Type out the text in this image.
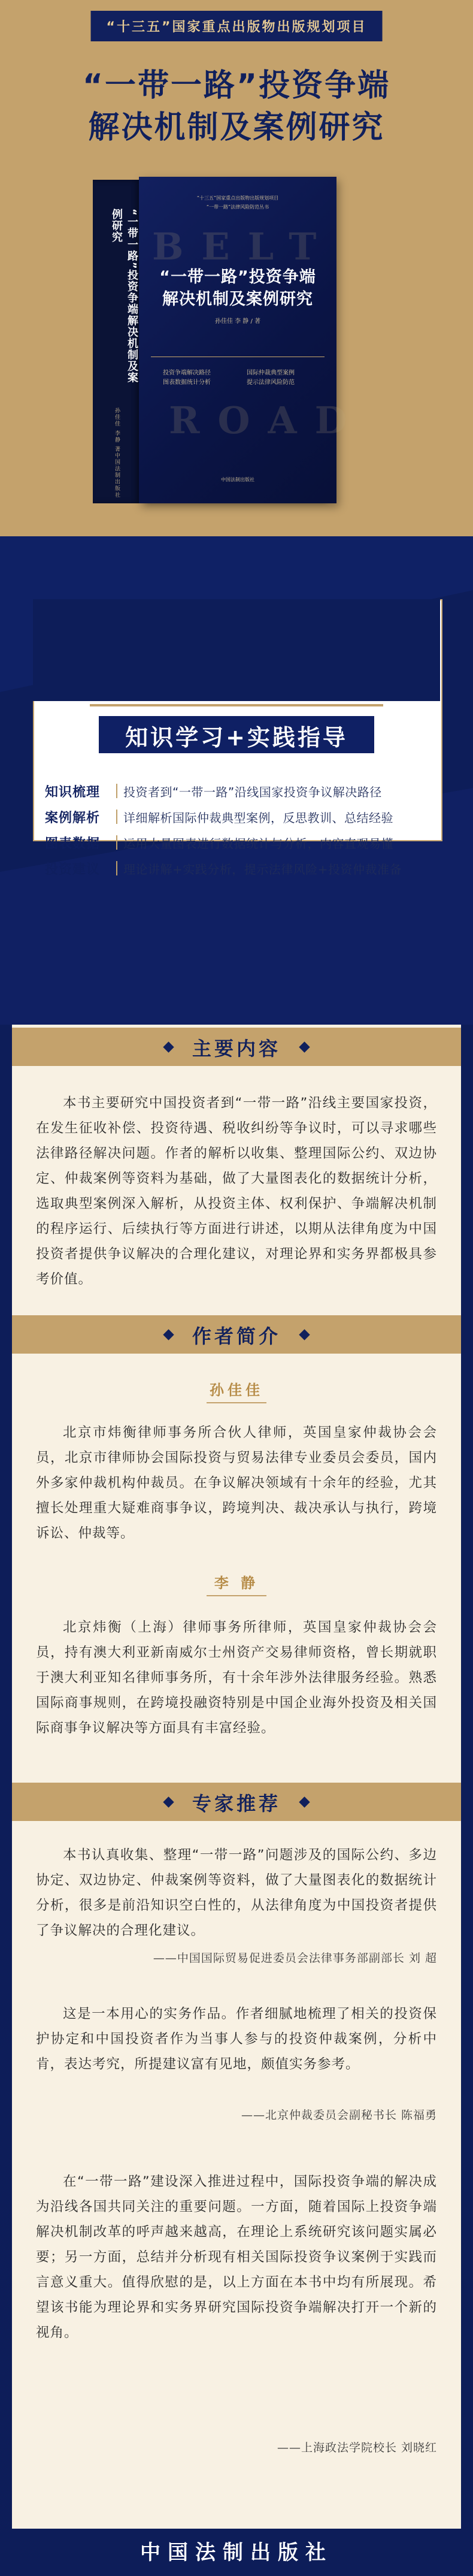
“十三五”国家重点出版物出版规划项目
“一带一路”投资争端
解决机制及案例研究
“一带一路”投资争端解决机制及案例研究
孙佳佳 李静 著
中国法制出版社
“十三五”国家重点出版物出版规划项目
“一带一路”法律风险防范丛书
BELT
“一带一路”投资争端
解决机制及案例研究
孙佳佳 李 静 / 著
投资争端解决路径
图表数据统计分析
国际仲裁典型案例
提示法律风险防范
ROAD
中国法制出版社
知识学习+实践指导
知识梳理	投资者到“一带一路”沿线国家投资争议解决路径
案例解析	详细解析国际仲裁典型案例，反思教训、总结经验
图表数据	运用大量图表进行数据统计与分析，内容直观易懂
投资建议	理论讲解+实践分析，提示法律风险+投资仲裁准备
主要内容
本书主要研究中国投资者到“一带一路”沿线主要国家投资，在发生征收补偿、投资待遇、税收纠纷等争议时，可以寻求哪些法律路径解决问题。作者的解析以收集、整理国际公约、双边协定、仲裁案例等资料为基础，做了大量图表化的数据统计分析，选取典型案例深入解析，从投资主体、权利保护、争端解决机制的程序运行、后续执行等方面进行讲述，以期从法律角度为中国投资者提供争议解决的合理化建议，对理论界和实务界都极具参考价值。
作者简介
孙佳佳
北京市炜衡律师事务所合伙人律师，英国皇家仲裁协会会员，北京市律师协会国际投资与贸易法律专业委员会委员，国内外多家仲裁机构仲裁员。在争议解决领域有十余年的经验，尤其擅长处理重大疑难商事争议，跨境判决、裁决承认与执行，跨境诉讼、仲裁等。
李 静
北京炜衡（上海）律师事务所律师，英国皇家仲裁协会会员，持有澳大利亚新南威尔士州资产交易律师资格，曾长期就职于澳大利亚知名律师事务所，有十余年涉外法律服务经验。熟悉国际商事规则，在跨境投融资特别是中国企业海外投资及相关国际商事争议解决等方面具有丰富经验。
专家推荐
本书认真收集、整理“一带一路”问题涉及的国际公约、多边协定、双边协定、仲裁案例等资料，做了大量图表化的数据统计分析，很多是前沿知识空白性的，从法律角度为中国投资者提供了争议解决的合理化建议。
——中国国际贸易促进委员会法律事务部副部长 刘 超
这是一本用心的实务作品。作者细腻地梳理了相关的投资保护协定和中国投资者作为当事人参与的投资仲裁案例，分析中肯，表达考究，所提建议富有见地，颇值实务参考。
——北京仲裁委员会副秘书长 陈福勇
在“一带一路”建设深入推进过程中，国际投资争端的解决成为沿线各国共同关注的重要问题。一方面，随着国际上投资争端解决机制改革的呼声越来越高，在理论上系统研究该问题实属必要；另一方面，总结并分析现有相关国际投资争议案例于实践而言意义重大。值得欣慰的是，以上方面在本书中均有所展现。希望该书能为理论界和实务界研究国际投资争端解决打开一个新的视角。
——上海政法学院校长 刘晓红
中国法制出版社
